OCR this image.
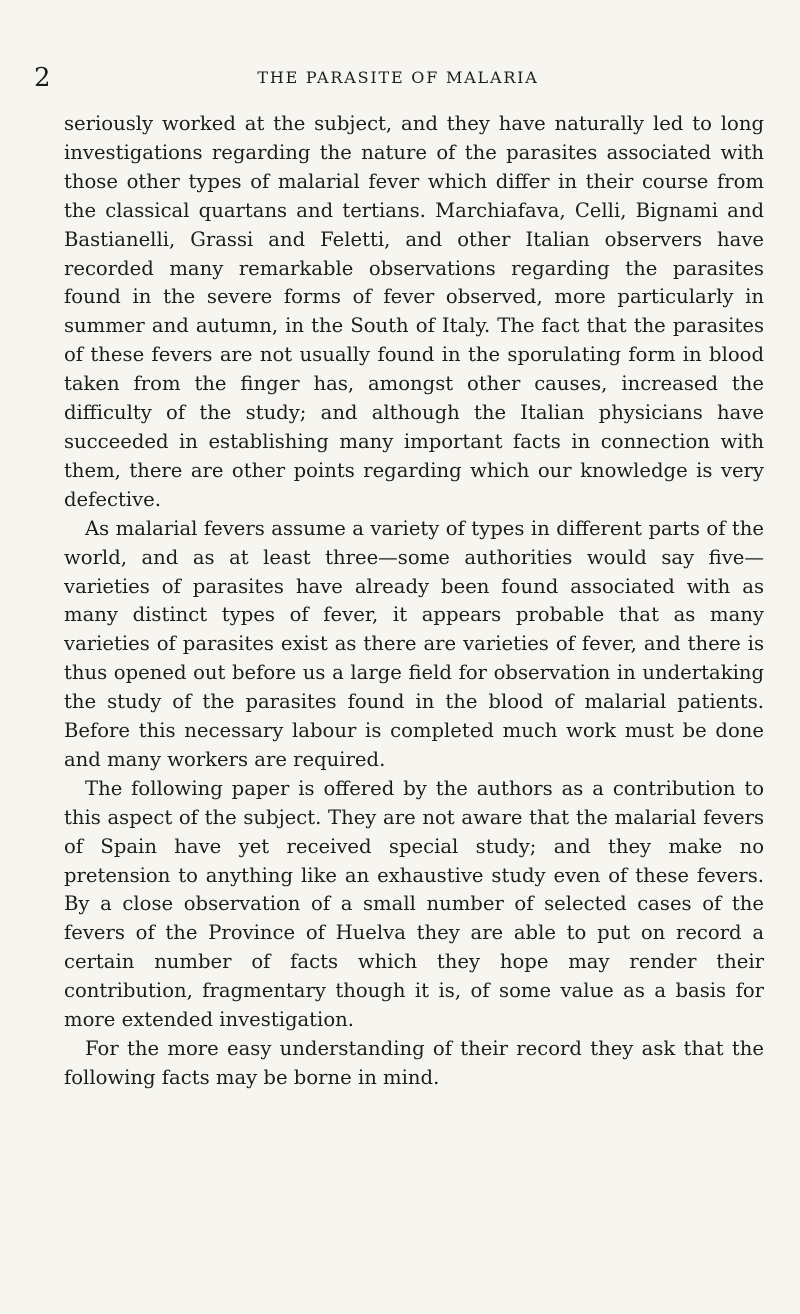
2	THE PARASITE OF MALARIA

seriously worked at the subject, and they have naturally led to long investigations regarding the nature of the parasites associated with those other types of malarial fever which differ in their course from the classical quartans and tertians. Marchiafava, Celli, Bignami and Bastianelli, Grassi and Feletti, and other Italian observers have recorded many remarkable observations regarding the parasites found in the severe forms of fever observed, more particularly in summer and autumn, in the South of Italy. The fact that the parasites of these fevers are not usually found in the sporulating form in blood taken from the finger has, amongst other causes, increased the difficulty of the study; and although the Italian physicians have succeeded in establishing many important facts in connection with them, there are other points regarding which our knowledge is very defective.

As malarial fevers assume a variety of types in different parts of the world, and as at least three—some authorities would say five—varieties of parasites have already been found associated with as many distinct types of fever, it appears probable that as many varieties of parasites exist as there are varieties of fever, and there is thus opened out before us a large field for observation in undertaking the study of the parasites found in the blood of malarial patients. Before this necessary labour is completed much work must be done and many workers are required.

The following paper is offered by the authors as a contribution to this aspect of the subject. They are not aware that the malarial fevers of Spain have yet received special study; and they make no pretension to anything like an exhaustive study even of these fevers. By a close observation of a small number of selected cases of the fevers of the Province of Huelva they are able to put on record a certain number of facts which they hope may render their contribution, fragmentary though it is, of some value as a basis for more extended investigation.

For the more easy understanding of their record they ask that the following facts may be borne in mind.
